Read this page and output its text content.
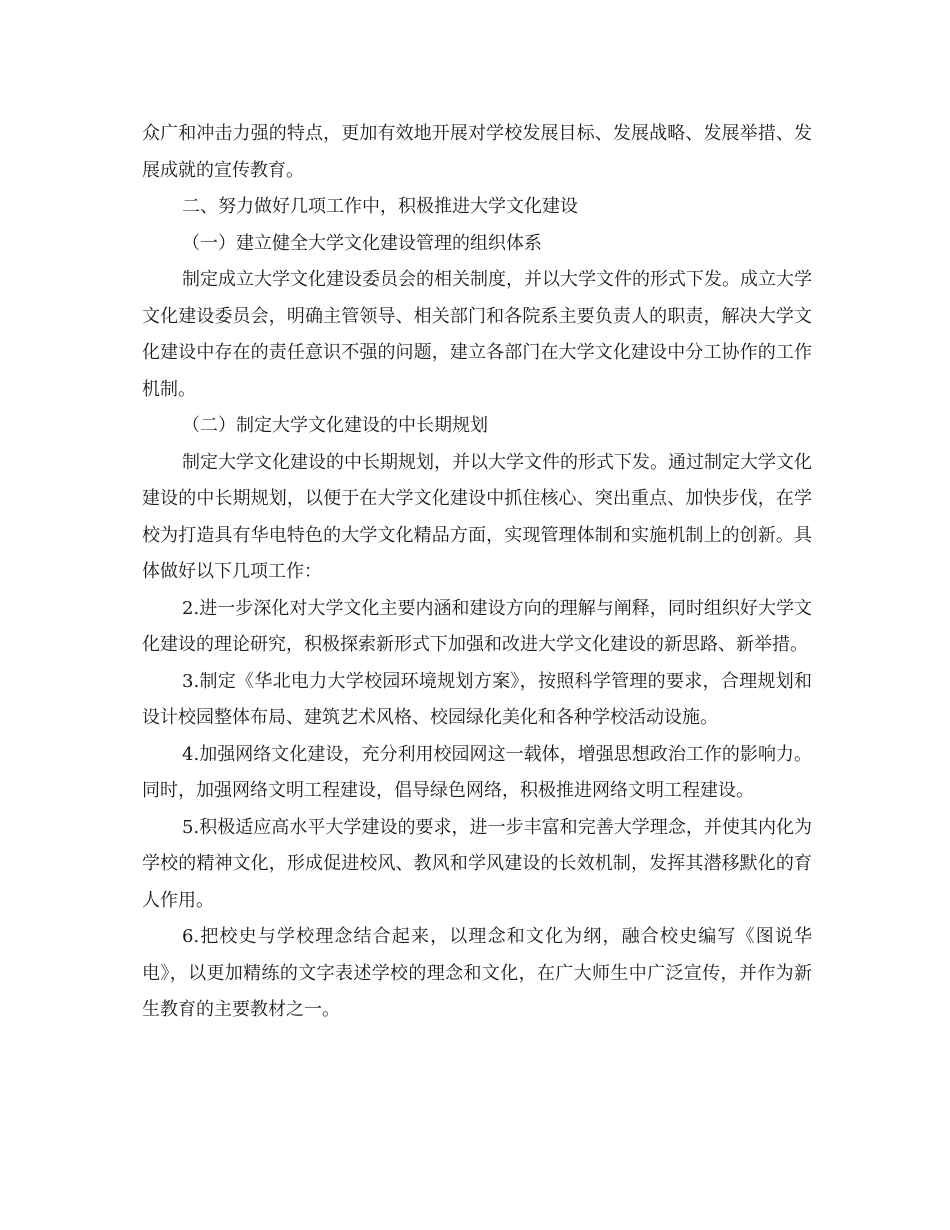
众广和冲击力强的特点，更加有效地开展对学校发展目标、发展战略、发展举措、发展成就的宣传教育。

二、努力做好几项工作中，积极推进大学文化建设

（一）建立健全大学文化建设管理的组织体系

制定成立大学文化建设委员会的相关制度，并以大学文件的形式下发。成立大学文化建设委员会，明确主管领导、相关部门和各院系主要负责人的职责，解决大学文化建设中存在的责任意识不强的问题，建立各部门在大学文化建设中分工协作的工作机制。

（二）制定大学文化建设的中长期规划

制定大学文化建设的中长期规划，并以大学文件的形式下发。通过制定大学文化建设的中长期规划，以便于在大学文化建设中抓住核心、突出重点、加快步伐，在学校为打造具有华电特色的大学文化精品方面，实现管理体制和实施机制上的创新。具体做好以下几项工作：

2.进一步深化对大学文化主要内涵和建设方向的理解与阐释，同时组织好大学文化建设的理论研究，积极探索新形式下加强和改进大学文化建设的新思路、新举措。

3.制定《华北电力大学校园环境规划方案》，按照科学管理的要求，合理规划和设计校园整体布局、建筑艺术风格、校园绿化美化和各种学校活动设施。

4.加强网络文化建设，充分利用校园网这一载体，增强思想政治工作的影响力。同时，加强网络文明工程建设，倡导绿色网络，积极推进网络文明工程建设。

5.积极适应高水平大学建设的要求，进一步丰富和完善大学理念，并使其内化为学校的精神文化，形成促进校风、教风和学风建设的长效机制，发挥其潜移默化的育人作用。

6.把校史与学校理念结合起来，以理念和文化为纲，融合校史编写《图说华电》，以更加精练的文字表述学校的理念和文化，在广大师生中广泛宣传，并作为新生教育的主要教材之一。
